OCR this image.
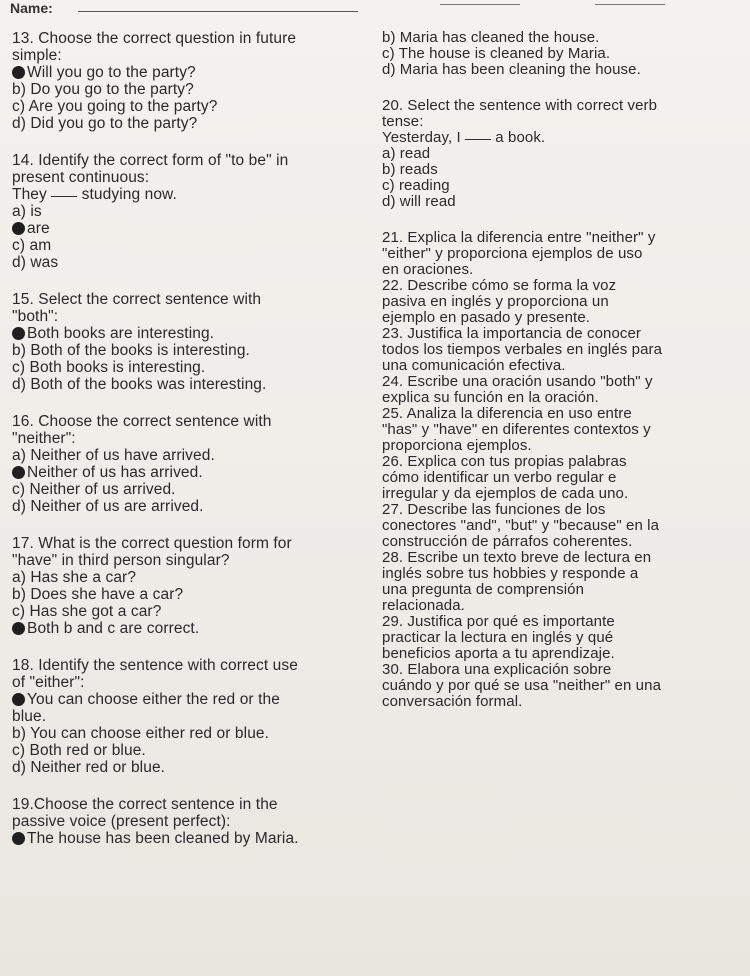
Name:

13. Choose the correct question in future

simple:

Will you go to the party?
b) Do you go to the party?
c) Are you going to the party?
d) Did you go to the party?

14. Identify the correct form of "to be" in

present continuous:

They  studying now.

a) is
are
c) am
d) was

15. Select the correct sentence with

"both":

Both books are interesting.
b) Both of the books is interesting.
c) Both books is interesting.
d) Both of the books was interesting.

16. Choose the correct sentence with

"neither":

a) Neither of us have arrived.
Neither of us has arrived.
c) Neither of us arrived.
d) Neither of us are arrived.

17. What is the correct question form for

"have" in third person singular?

a) Has she a car?
b) Does she have a car?
c) Has she got a car?
Both b and c are correct.

18. Identify the sentence with correct use

of "either":

You can choose either the red or the
blue.
b) You can choose either red or blue.
c) Both red or blue.
d) Neither red or blue.

19.Choose the correct sentence in the

passive voice (present perfect):

The house has been cleaned by Maria.
b) Maria has cleaned the house.
c) The house is cleaned by Maria.
d) Maria has been cleaning the house.

20. Select the sentence with correct verb

tense:

Yesterday, I  a book.

a) read
b) reads
c) reading
d) will read

21. Explica la diferencia entre "neither" y

"either" y proporciona ejemplos de uso

en oraciones.

22. Describe cómo se forma la voz

pasiva en inglés y proporciona un

ejemplo en pasado y presente.

23. Justifica la importancia de conocer

todos los tiempos verbales en inglés para

una comunicación efectiva.

24. Escribe una oración usando "both" y

explica su función en la oración.

25. Analiza la diferencia en uso entre

"has" y "have" en diferentes contextos y

proporciona ejemplos.

26. Explica con tus propias palabras

cómo identificar un verbo regular e

irregular y da ejemplos de cada uno.

27. Describe las funciones de los

conectores "and", "but" y "because" en la

construcción de párrafos coherentes.

28. Escribe un texto breve de lectura en

inglés sobre tus hobbies y responde a

una pregunta de comprensión

relacionada.

29. Justifica por qué es importante

practicar la lectura en inglés y qué

beneficios aporta a tu aprendizaje.

30. Elabora una explicación sobre

cuándo y por qué se usa "neither" en una

conversación formal.
